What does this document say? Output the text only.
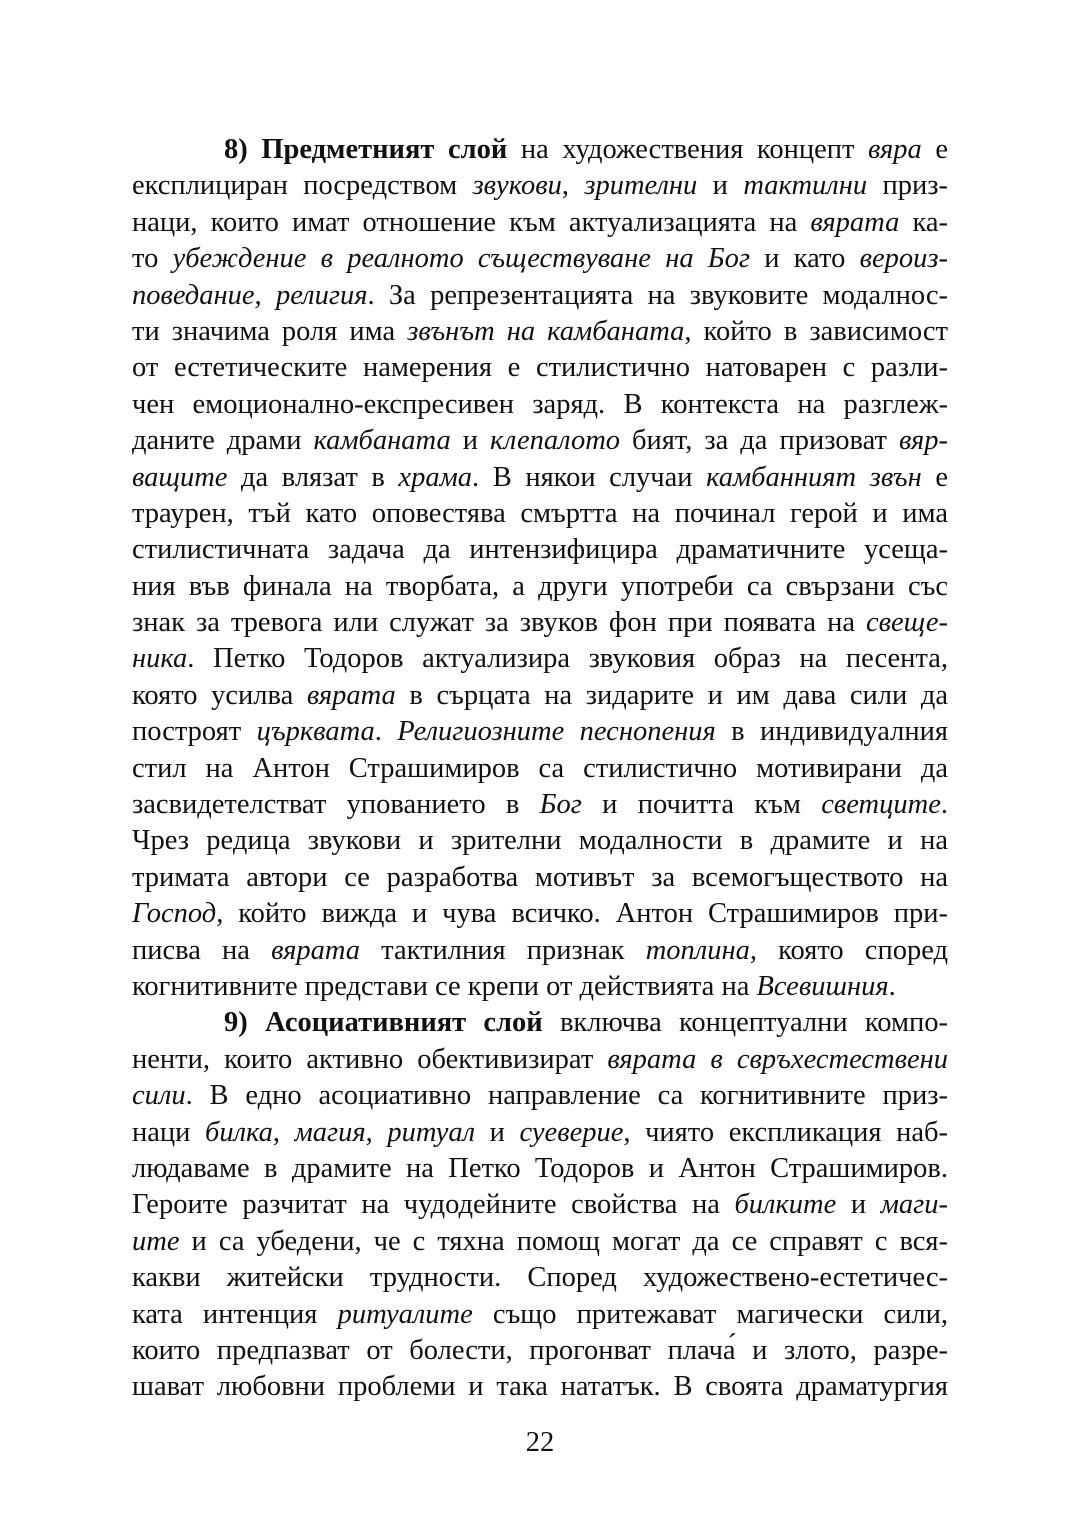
8) Предметният слой на художествения концепт вяра е
експлициран посредством звукови, зрителни и тактилни приз-
наци, които имат отношение към актуализацията на вярата ка-
то убеждение в реалното съществуване на Бог и като вероиз-
поведание, религия. За репрезентацията на звуковите модалнос-
ти значима роля има звънът на камбаната, който в зависимост
от естетическите намерения е стилистично натоварен с разли-
чен емоционално-експресивен заряд. В контекста на разглеж-
даните драми камбаната и клепалото бият, за да призоват вяр-
ващите да влязат в храма. В някои случаи камбанният звън е
траурен, тъй като оповестява смъртта на починал герой и има
стилистичната задача да интензифицира драматичните усеща-
ния във финала на творбата, а други употреби са свързани със
знак за тревога или служат за звуков фон при появата на свеще-
ника. Петко Тодоров актуализира звуковия образ на песента,
която усилва вярата в сърцата на зидарите и им дава сили да
построят църквата. Религиозните песнопения в индивидуалния
стил на Антон Страшимиров са стилистично мотивирани да
засвидетелстват упованието в Бог и почитта към светците.
Чрез редица звукови и зрителни модалности в драмите и на
тримата автори се разработва мотивът за всемогъществото на
Господ, който вижда и чува всичко. Антон Страшимиров при-
писва на вярата тактилния признак топлина, която според
когнитивните представи се крепи от действията на Всевишния.
9) Асоциативният слой включва концептуални компо-
ненти, които активно обективизират вярата в свръхестествени
сили. В едно асоциативно направление са когнитивните приз-
наци билка, магия, ритуал и суеверие, чиято експликация наб-
людаваме в драмите на Петко Тодоров и Антон Страшимиров.
Героите разчитат на чудодейните свойства на билките и маги-
ите и са убедени, че с тяхна помощ могат да се справят с вся-
какви житейски трудности. Според художествено-естетичес-
ката интенция ритуалите също притежават магически сили,
които предпазват от болести, прогонват плача́ и злото, разре-
шават любовни проблеми и така нататък. В своята драматургия
22
